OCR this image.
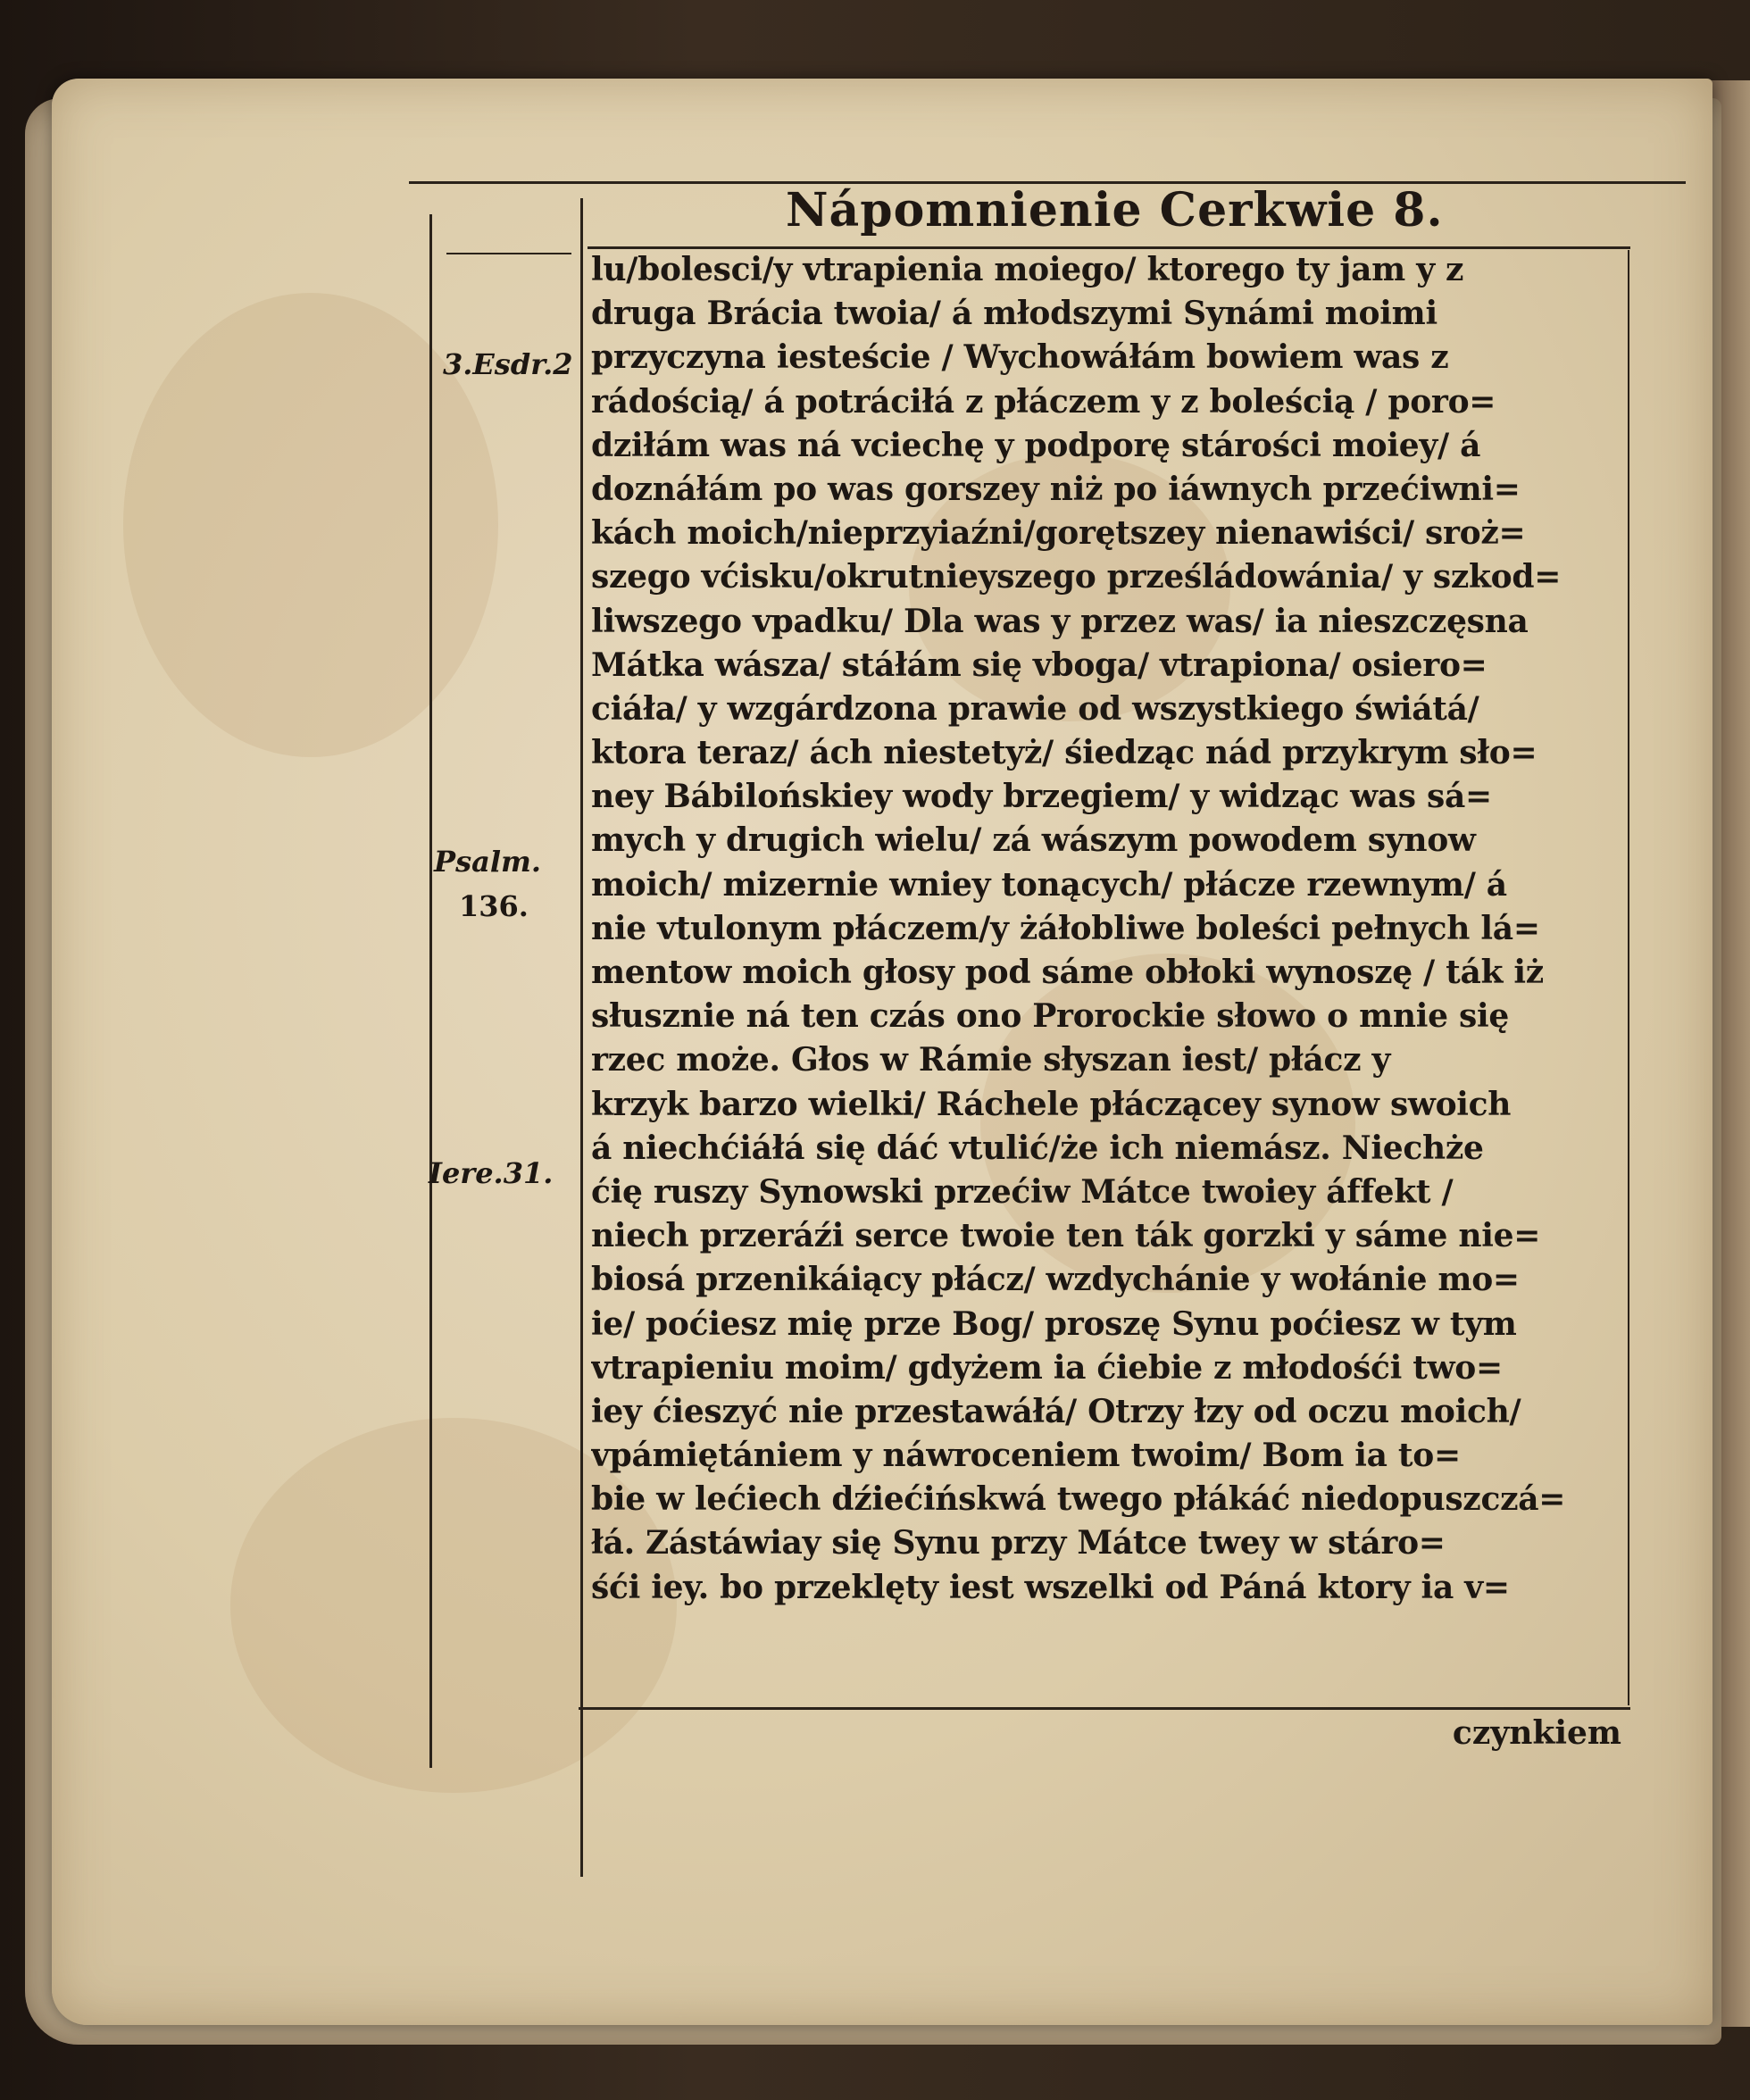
Nápomnienie Cerkwie 8.
3.Esdr.2
Psalm.
136.
Iere.31.
lu/bolesci/y vtrapienia moiego/ ktorego ty jam y z
druga Brácia twoia/ á młodszymi Synámi moimi
przyczyna iesteście / Wychowáłám bowiem was z
rádością/ á potráciłá z płáczem y z boleścią / poro=
dziłám was ná vciechę y podporę stárości moiey/ á
doznáłám po was gorszey niż po iáwnych przećiwni=
kách moich/nieprzyiaźni/gorętszey nienawiści/ sroż=
szego vćisku/okrutnieyszego prześládowánia/ y szkod=
liwszego vpadku/ Dla was y przez was/ ia nieszczęsna
Mátka wásza/ stáłám się vboga/ vtrapiona/ osiero=
ciáła/ y wzgárdzona prawie od wszystkiego świátá/
ktora teraz/ ách niestetyż/ śiedząc nád przykrym sło=
ney Bábilońskiey wody brzegiem/ y widząc was sá=
mych y drugich wielu/ zá wászym powodem synow
moich/ mizernie wniey tonących/ płácze rzewnym/ á
nie vtulonym płáczem/y żáłobliwe boleści pełnych lá=
mentow moich głosy pod sáme obłoki wynoszę / ták iż
słusznie ná ten czás ono Prorockie słowo o mnie się
rzec może. Głos w Rámie słyszan iest/ płácz y
krzyk barzo wielki/ Ráchele płáczącey synow swoich
á niechćiáłá się dáć vtulić/że ich niemász. Niechże
ćię ruszy Synowski przećiw Mátce twoiey áffekt /
niech przeráźi serce twoie ten ták gorzki y sáme nie=
biosá przenikáiący płácz/ wzdychánie y wołánie mo=
ie/ poćiesz mię prze Bog/ proszę Synu poćiesz w tym
vtrapieniu moim/ gdyżem ia ćiebie z młodośći two=
iey ćieszyć nie przestawáłá/ Otrzy łzy od oczu moich/
vpámiętániem y náwroceniem twoim/ Bom ia to=
bie w lećiech dźiećińskwá twego płákáć niedopuszczá=
łá. Zástáwiay się Synu przy Mátce twey w stáro=
śći iey. bo przeklęty iest wszelki od Páná ktory ia v=
czynkiem
